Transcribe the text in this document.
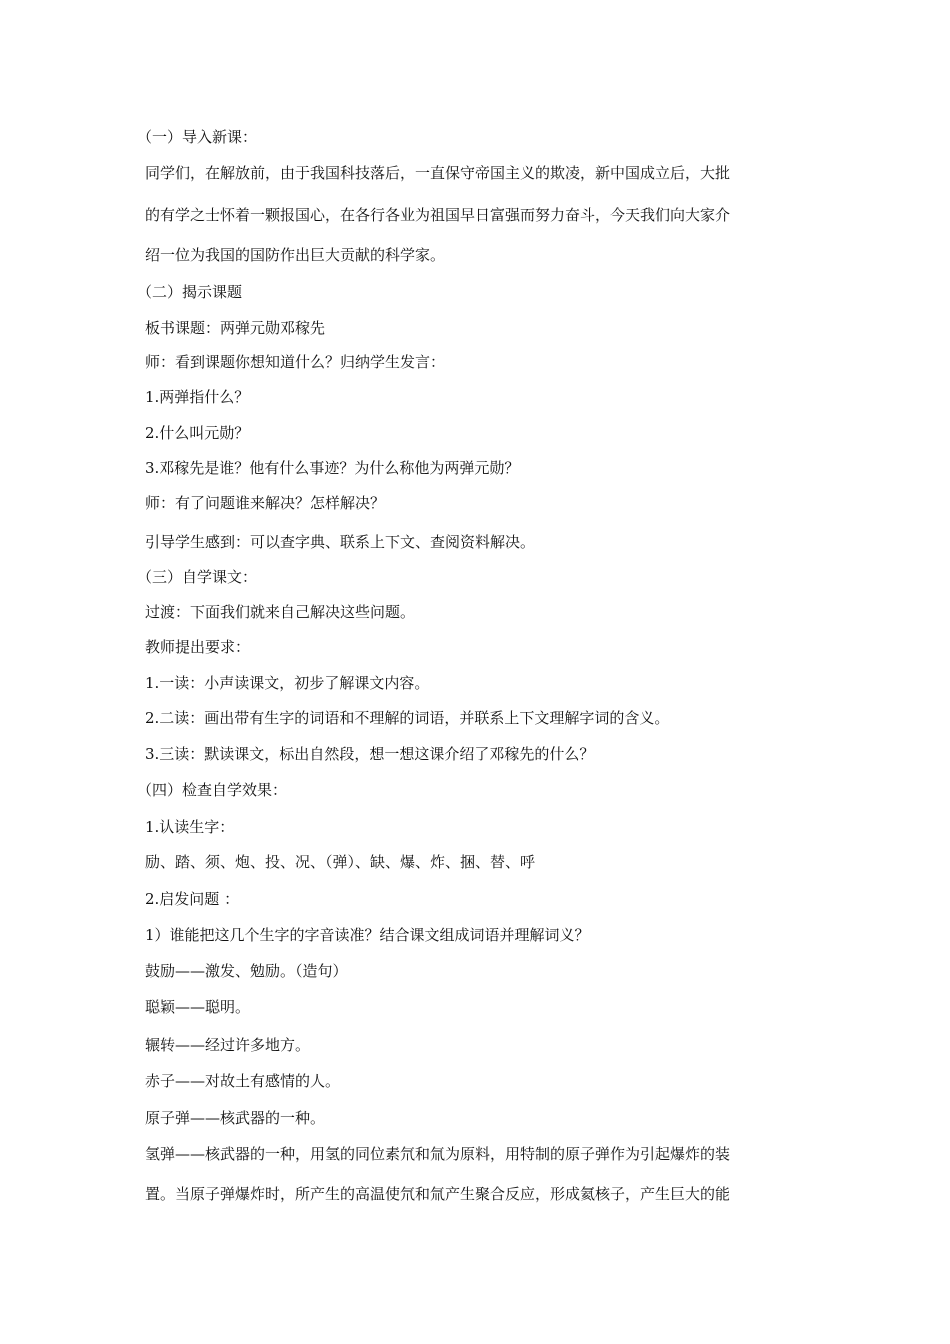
（一）导入新课：
同学们，在解放前，由于我国科技落后，一直保守帝国主义的欺凌，新中国成立后，大批
的有学之士怀着一颗报国心，在各行各业为祖国早日富强而努力奋斗，今天我们向大家介
绍一位为我国的国防作出巨大贡献的科学家。
（二）揭示课题
板书课题：两弹元勋邓稼先
师：看到课题你想知道什么？归纳学生发言：
1.两弹指什么？
2.什么叫元勋？
3.邓稼先是谁？他有什么事迹？为什么称他为两弹元勋？
师：有了问题谁来解决？怎样解决？
引导学生感到：可以查字典、联系上下文、查阅资料解决。
（三）自学课文：
过渡：下面我们就来自己解决这些问题。
教师提出要求：
1.一读：小声读课文，初步了解课文内容。
2.二读：画出带有生字的词语和不理解的词语，并联系上下文理解字词的含义。
3.三读：默读课文，标出自然段，想一想这课介绍了邓稼先的什么？
（四）检查自学效果：
1.认读生字：
励、踏、须、炮、投、况、（弹）、缺、爆、炸、捆、替、呼
2.启发问题 ：
1）谁能把这几个生字的字音读准？结合课文组成词语并理解词义？
鼓励——激发、勉励。（造句）
聪颖——聪明。
辗转——经过许多地方。
赤子——对故土有感情的人。
原子弹——核武器的一种。
氢弹——核武器的一种，用氢的同位素氘和氚为原料，用特制的原子弹作为引起爆炸的装
置。当原子弹爆炸时，所产生的高温使氘和氚产生聚合反应，形成氦核子，产生巨大的能
